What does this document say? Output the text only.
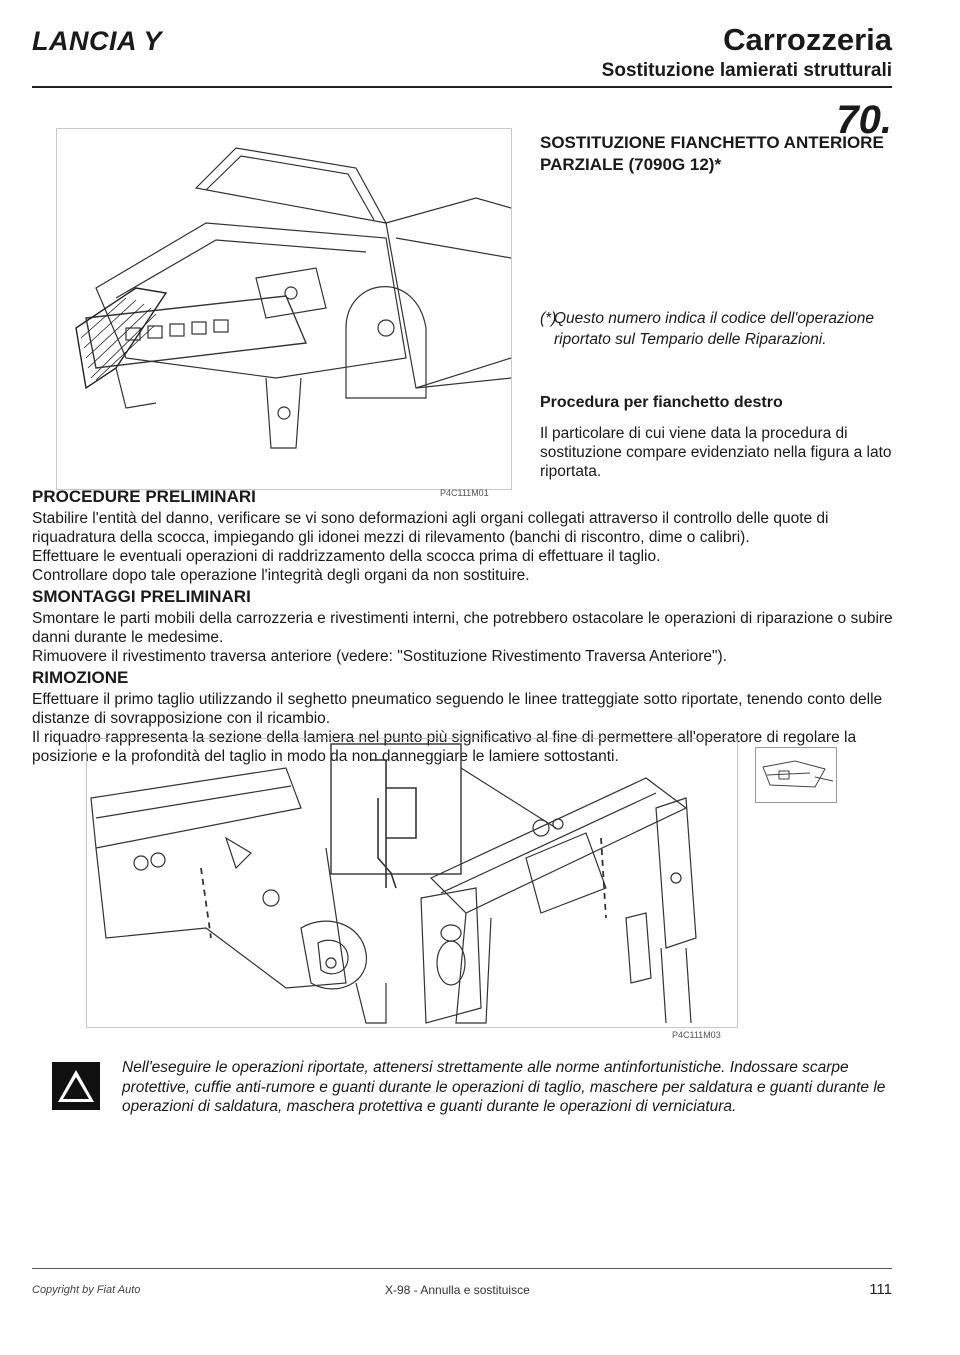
LANCIA Y	Carrozzeria
Sostituzione lamierati strutturali
70.
P4C111M01
SOSTITUZIONE FIANCHETTO ANTERIORE PARZIALE (7090G 12)*
(*)
Questo numero indica il codice dell'operazione riportato sul Tempario delle Riparazioni.
Procedura per fianchetto destro
Il particolare di cui viene data la procedura di sostituzione compare evidenziato nella figura a lato riportata.
PROCEDURE PRELIMINARI

Stabilire l'entità del danno, verificare se vi sono deformazioni agli organi collegati attraverso il controllo delle quote di riquadratura della scocca, impiegando gli idonei mezzi di rilevamento (banchi di riscontro, dime o calibri).

Effettuare le eventuali operazioni di raddrizzamento della scocca prima di effettuare il taglio.

Controllare dopo tale operazione l'integrità degli organi da non sostituire.

SMONTAGGI PRELIMINARI

Smontare le parti mobili della carrozzeria e rivestimenti interni, che potrebbero ostacolare le operazioni di riparazione o subire danni durante le medesime.

Rimuovere il rivestimento traversa anteriore (vedere: "Sostituzione Rivestimento Traversa Anteriore").

RIMOZIONE

Effettuare il primo taglio utilizzando il seghetto pneumatico seguendo le linee tratteggiate sotto riportate, tenendo conto delle distanze di sovrapposizione con il ricambio.

Il riquadro rappresenta la sezione della lamiera nel punto più significativo al fine di permettere all'operatore di regolare la posizione e la profondità del taglio in modo da non danneggiare le lamiere sottostanti.

P4C111M03
Nell'eseguire le operazioni riportate, attenersi strettamente alle norme antinfortunistiche. Indossare scarpe protettive, cuffie anti-rumore e guanti durante le operazioni di taglio, maschere per saldatura e guanti durante le operazioni di saldatura, maschera protettiva e guanti durante le operazioni di verniciatura.
Copyright by Fiat Auto	X-98 - Annulla e sostituisce	111
